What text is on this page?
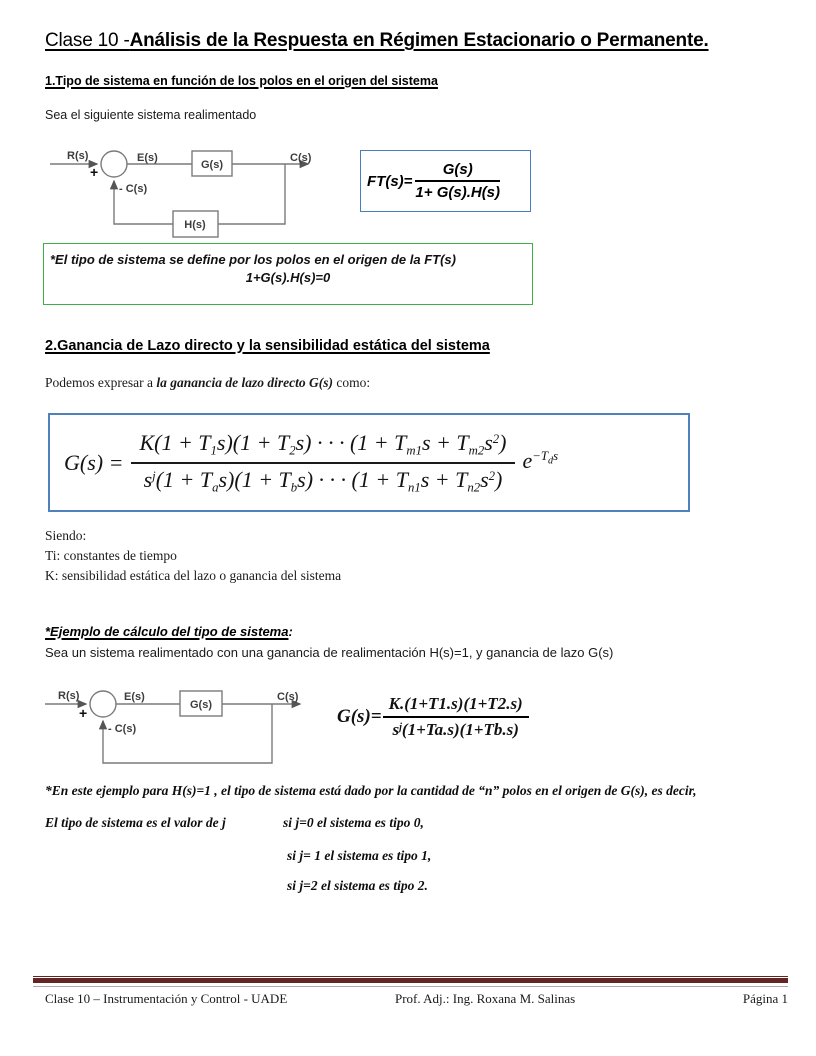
Clase 10 -Análisis de la Respuesta en Régimen Estacionario o Permanente.
1.Tipo de sistema en función de los polos en el origen del sistema
Sea el siguiente sistema realimentado
R(s)
+
E(s)
G(s)
C(s)
H(s)
- C(s)	$FT(s)= \frac{G(s)}{1+ G(s).H(s)}$
*El tipo de sistema se define por los polos en el origen de la FT(s)
1+G(s).H(s)=0
2.Ganancia de Lazo directo y la sensibilidad estática del sistema
Podemos expresar a la ganancia de lazo directo G(s) como:
$G(s) = \frac{K(1 + T_1s)(1 + T_2s) \cdot \cdot \cdot (1 + T_{m1}s + T_{m2}s^2)}{s^j(1 + T_as)(1 + T_bs) \cdot \cdot \cdot (1 + T_{n1}s + T_{n2}s^2)} e^{-T_ds}$
Siendo:
Ti: constantes de tiempo
K: sensibilidad estática del lazo o ganancia del sistema
*Ejemplo de cálculo del tipo de sistema:
Sea un sistema realimentado con una ganancia de realimentación H(s)=1, y ganancia de lazo G(s)
R(s)
+
E(s)
G(s)
C(s)
- C(s)
$G(s)= \frac{K.(1+T1.s)(1+T2.s)}{s^j(1+Ta.s)(1+Tb.s)}$
*En este ejemplo para H(s)=1 , el tipo de sistema está dado por la cantidad de “n” polos en el origen de G(s), es decir,
El tipo de sistema es el valor de j	si j=0 el sistema es tipo 0,
si j= 1 el sistema es tipo 1,
si j=2 el sistema es tipo 2.
Clase 10 – Instrumentación y Control - UADE	Prof. Adj.: Ing. Roxana M. Salinas	Página 1
